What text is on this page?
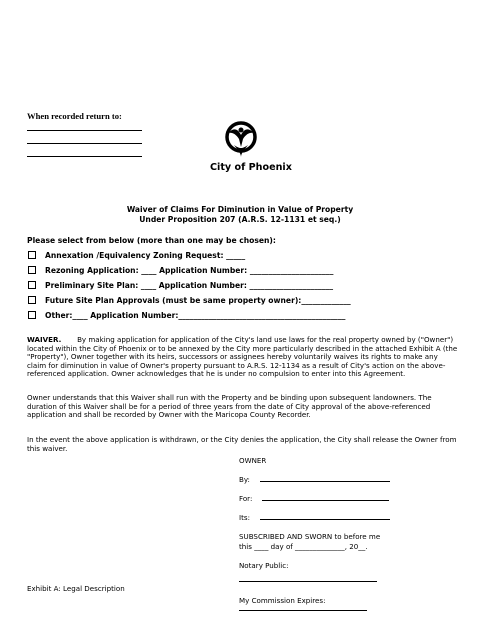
When recorded return to:
City of Phoenix
Waiver of Claims For Diminution in Value of Property
Under Proposition 207 (A.R.S. 12-1131 et seq.)
Please select from below (more than one may be chosen):
Annexation /Equivalency Zoning Request: _____
Rezoning Application: ____ Application Number: ______________________
Preliminary Site Plan: ____ Application Number: ______________________
Future Site Plan Approvals (must be same property owner):_____________
Other:____ Application Number:____________________________________________
WAIVER. By making application for application of the City's land use laws for the real property owned by ("Owner") located within the City of Phoenix or to be annexed by the City more particularly described in the attached Exhibit A (the "Property"), Owner together with its heirs, successors or assignees hereby voluntarily waives its rights to make any claim for diminution in value of Owner's property pursuant to A.R.S. 12-1134 as a result of City's action on the above-referenced application. Owner acknowledges that he is under no compulsion to enter into this Agreement.
Owner understands that this Waiver shall run with the Property and be binding upon subsequent landowners. The duration of this Waiver shall be for a period of three years from the date of City approval of the above-referenced application and shall be recorded by Owner with the Maricopa County Recorder.
In the event the above application is withdrawn, or the City denies the application, the City shall release the Owner from this waiver.
OWNER
By:
For:
Its:
SUBSCRIBED AND SWORN to before me
this ____ day of ______________, 20__.
Notary Public:
My Commission Expires:
Exhibit A: Legal Description
